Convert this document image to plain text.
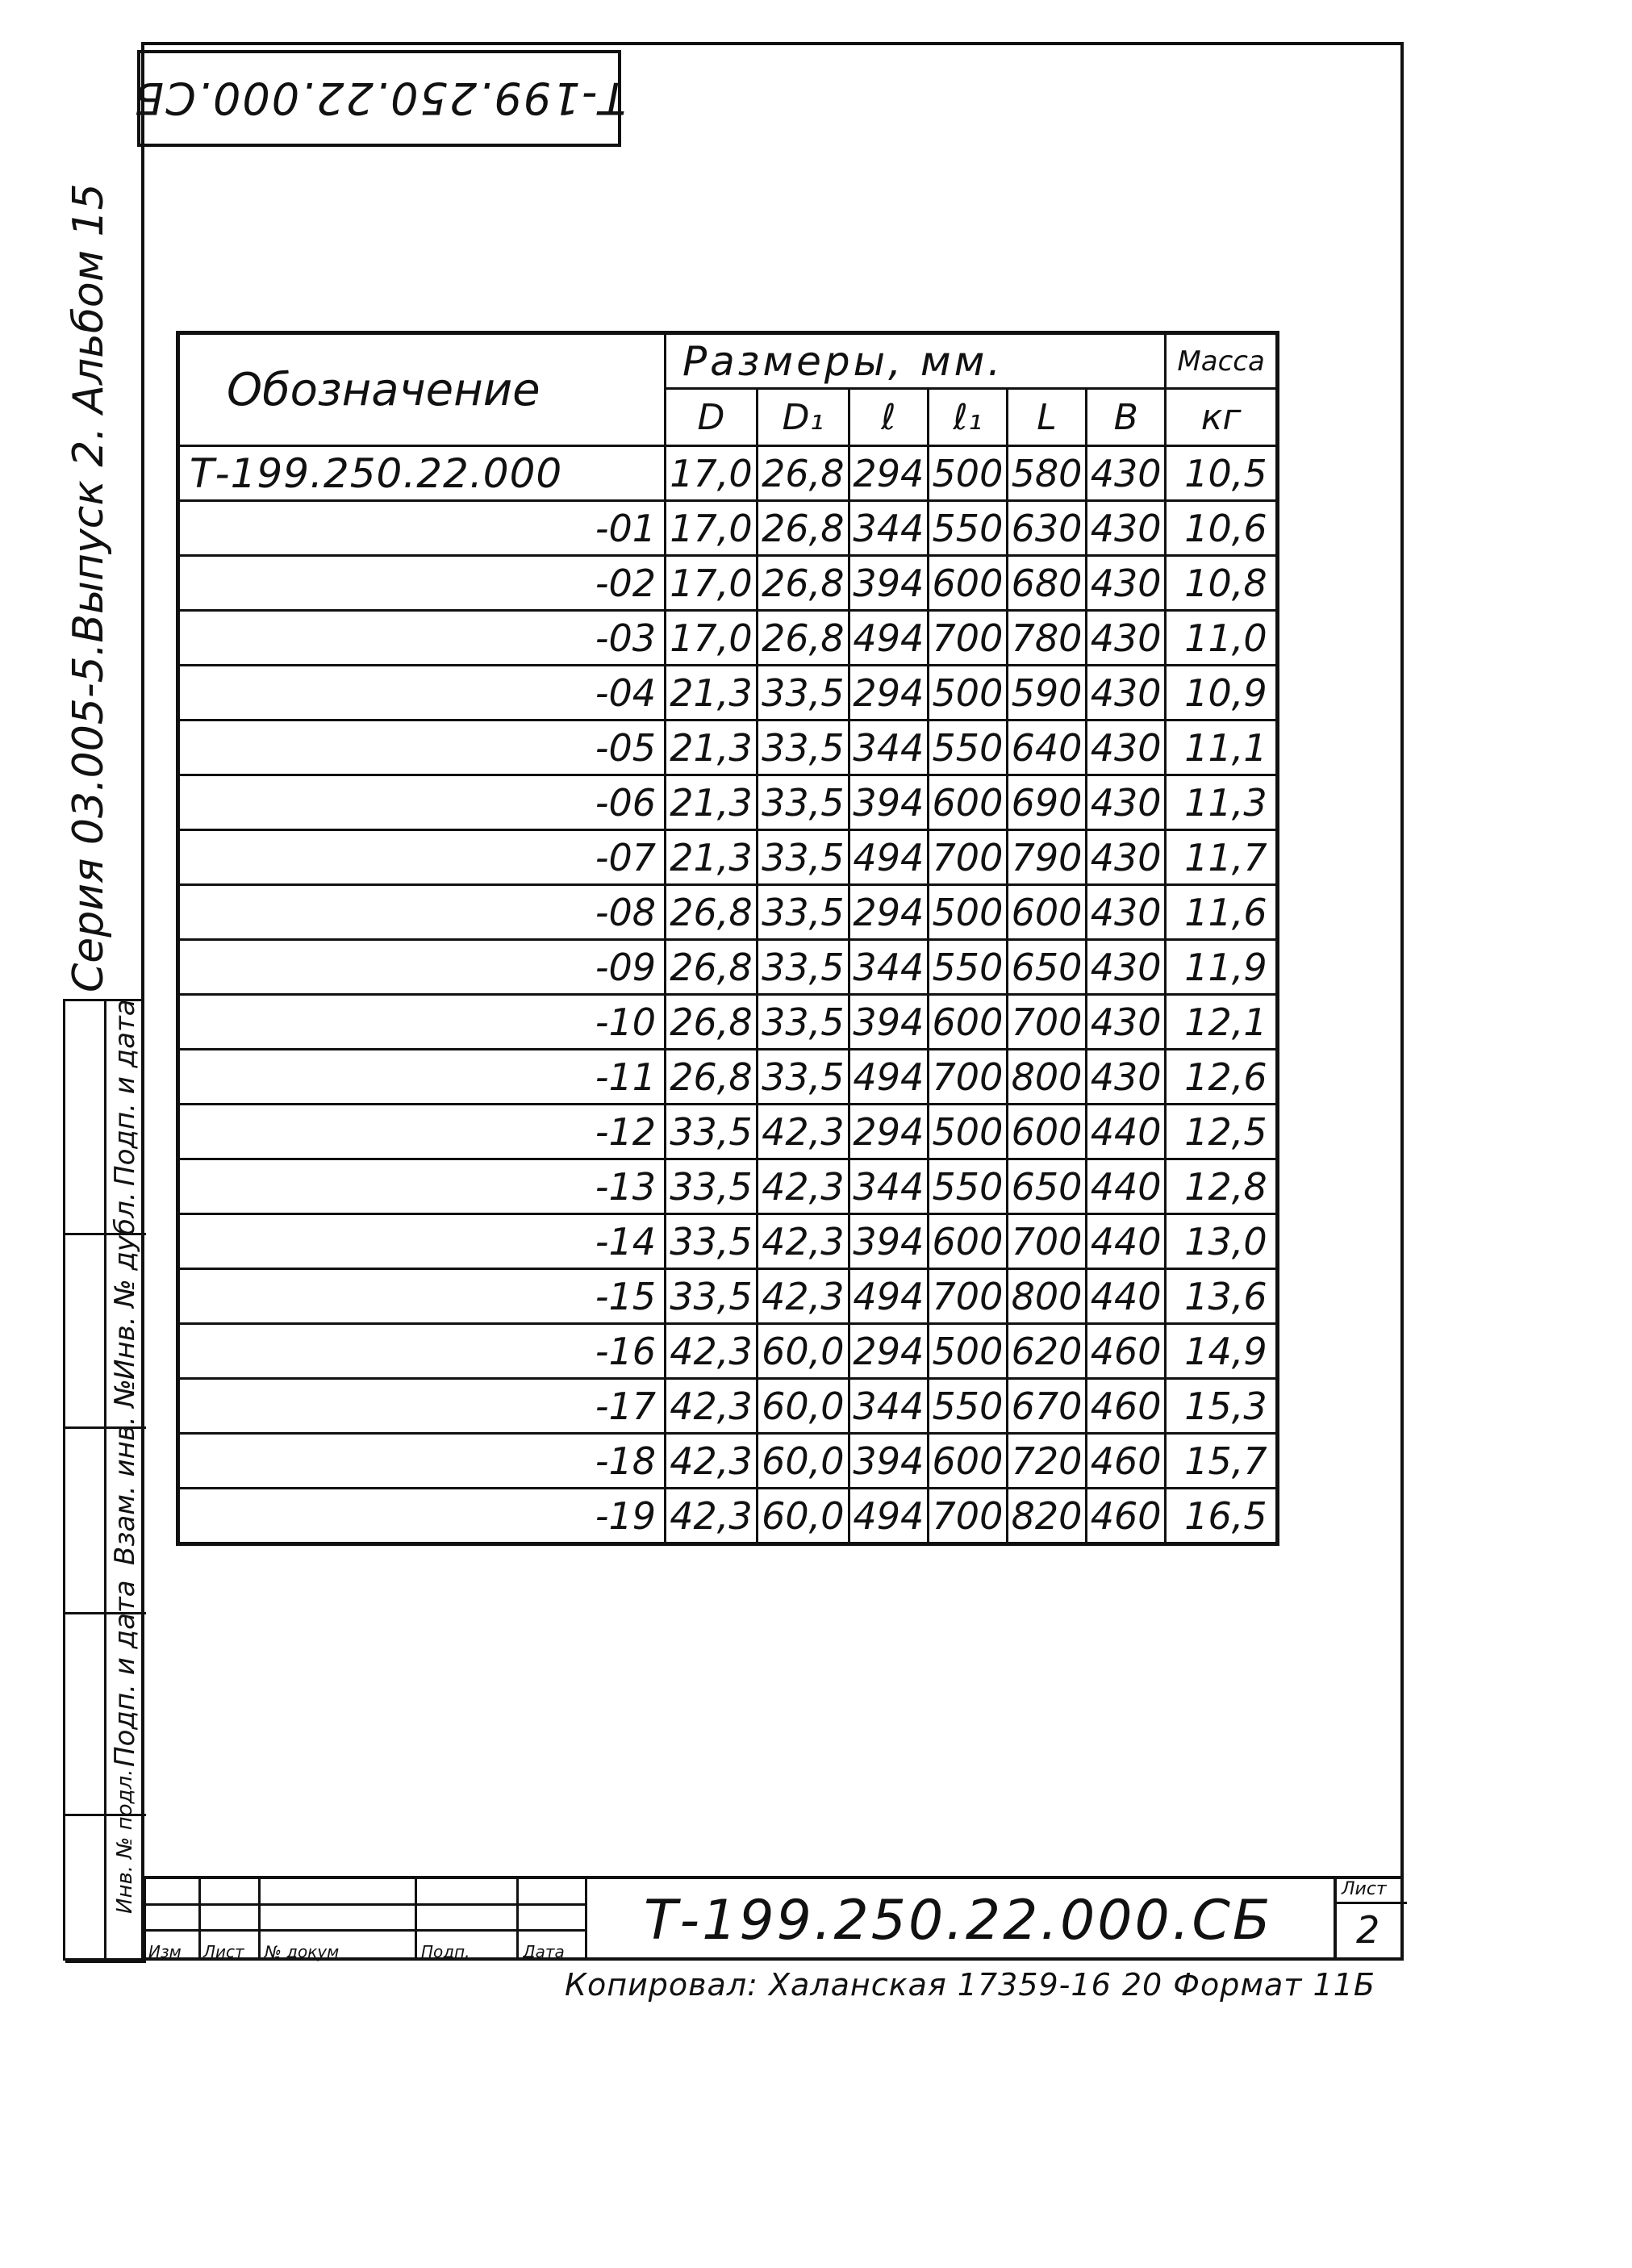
Т-199.250.22.000.СБ
Серия 03.005-5.Выпуск 2. Альбом 15
Подп. и дата
Инв. № дубл.
Взам. инв. №
Подп. и дата
Инв. № подл.
Обозначение	Размеры, мм.						Масса
	D	D₁	ℓ	ℓ₁	L	B	кг
Т-199.250.22.000	17,0	26,8	294	500	580	430	10,5
-01	17,0	26,8	344	550	630	430	10,6
-02	17,0	26,8	394	600	680	430	10,8
-03	17,0	26,8	494	700	780	430	11,0
-04	21,3	33,5	294	500	590	430	10,9
-05	21,3	33,5	344	550	640	430	11,1
-06	21,3	33,5	394	600	690	430	11,3
-07	21,3	33,5	494	700	790	430	11,7
-08	26,8	33,5	294	500	600	430	11,6
-09	26,8	33,5	344	550	650	430	11,9
-10	26,8	33,5	394	600	700	430	12,1
-11	26,8	33,5	494	700	800	430	12,6
-12	33,5	42,3	294	500	600	440	12,5
-13	33,5	42,3	344	550	650	440	12,8
-14	33,5	42,3	394	600	700	440	13,0
-15	33,5	42,3	494	700	800	440	13,6
-16	42,3	60,0	294	500	620	460	14,9
-17	42,3	60,0	344	550	670	460	15,3
-18	42,3	60,0	394	600	720	460	15,7
-19	42,3	60,0	494	700	820	460	16,5
Изм Лист № докум	Подп.	Дата Т-199.250.22.000.СБ	Лист
2
Копировал: Халанская 17359-16 20 Формат 11Б
